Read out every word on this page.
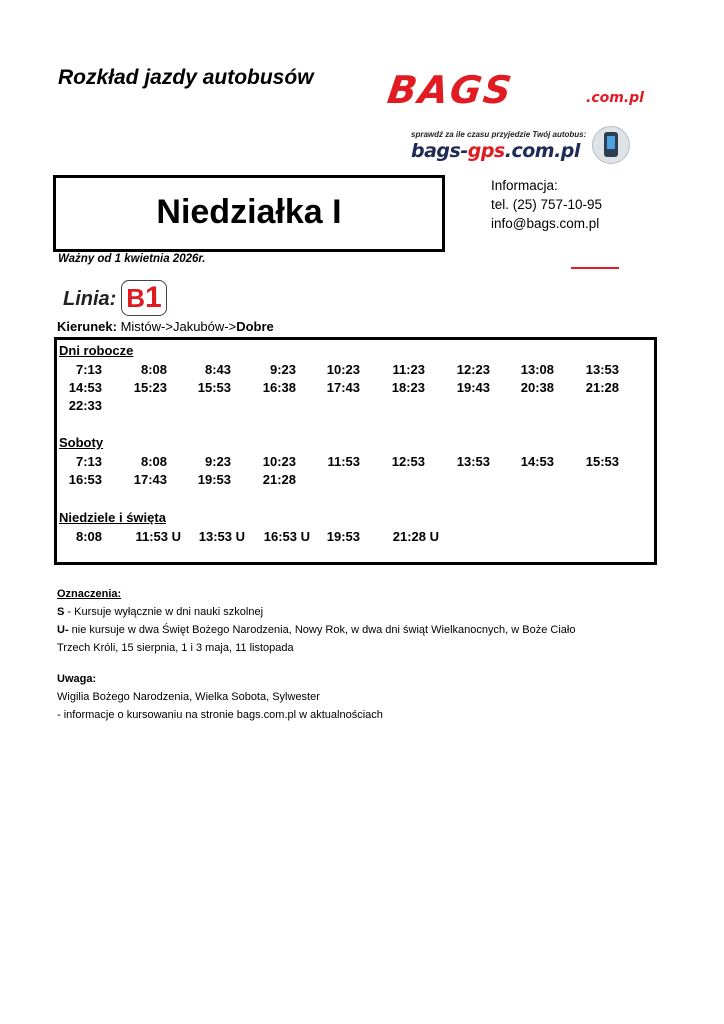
Rozkład jazdy autobusów BAGS	.com.pl
sprawdź za ile czasu przyjedzie Twój autobus:
bags-gps.com.pl
Niedziałka I
Informacja:
tel. (25) 757-10-95
info@bags.com.pl
Ważny od 1 kwietnia 2026r.
Linia: B1
Kierunek: Mistów->Jakubów->Dobre
Dni robocze
Soboty
Niedziele i święta
7:13	8:08	8:43	9:23	10:23	11:23	12:23	13:08	13:53
14:53	15:23	15:53	16:38	17:43	18:23	19:43	20:38	21:28
22:33
7:13	8:08	9:23	10:23	11:53	12:53	13:53	14:53	15:53
16:53	17:43	19:53	21:28
8:08	11:53 U	13:53 U	16:53 U	19:53	21:28 U
Oznaczenia:
S - Kursuje wyłącznie w dni nauki szkolnej
U- nie kursuje w dwa Święt Bożego Narodzenia, Nowy Rok, w dwa dni świąt Wielkanocnych, w Boże Ciało
Trzech Króli, 15 sierpnia, 1 i 3 maja, 11 listopada
Uwaga:
Wigilia Bożego Narodzenia, Wielka Sobota, Sylwester
- informacje o kursowaniu na stronie bags.com.pl w aktualnościach
